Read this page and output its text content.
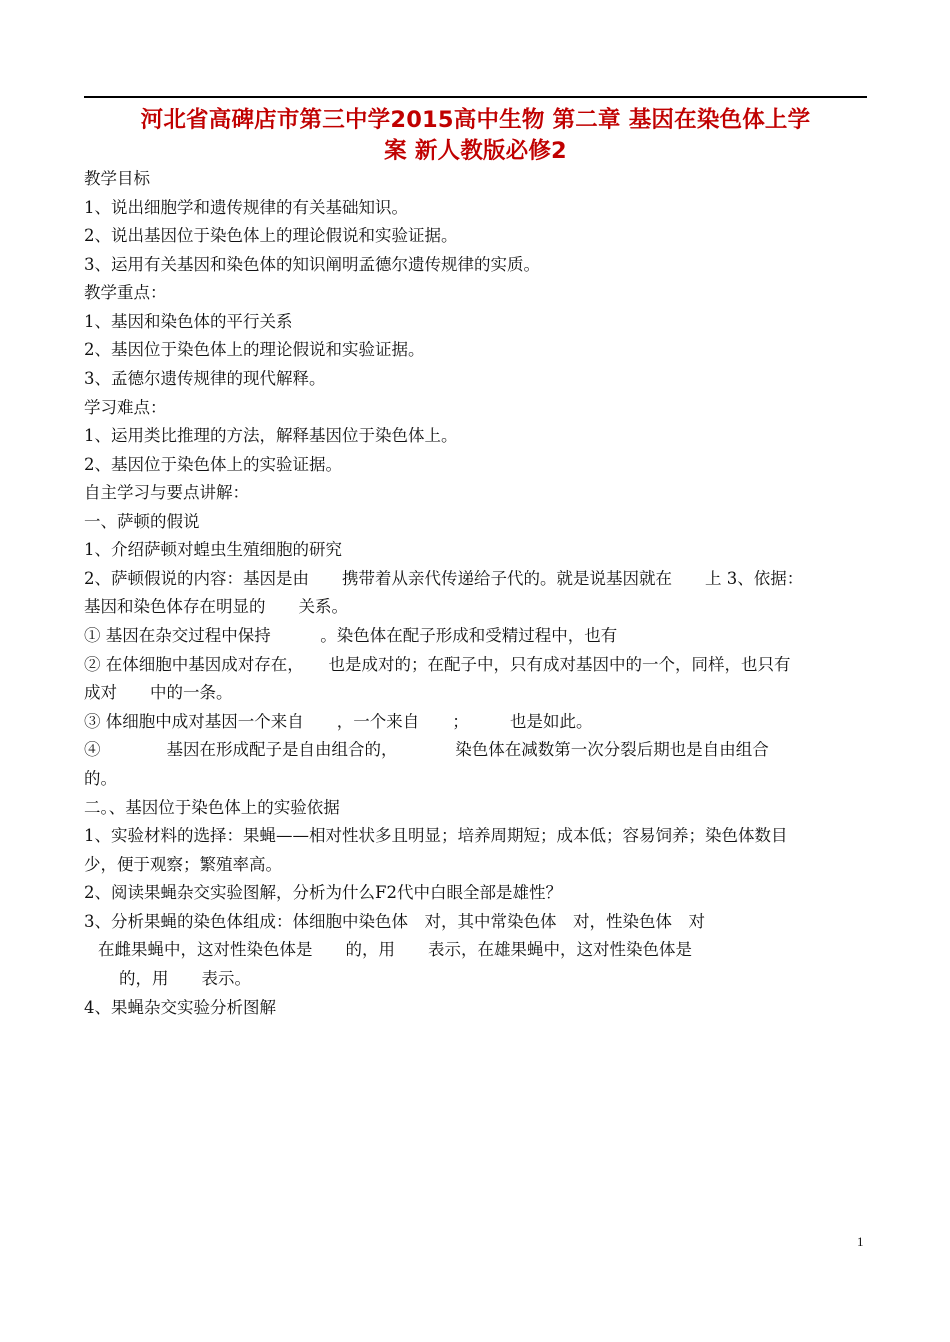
河北省高碑店市第三中学2015高中生物 第二章 基因在染色体上学
案 新人教版必修2
教学目标
1、说出细胞学和遗传规律的有关基础知识。
2、说出基因位于染色体上的理论假说和实验证据。
3、运用有关基因和染色体的知识阐明孟德尔遗传规律的实质。
教学重点：
1、基因和染色体的平行关系
2、基因位于染色体上的理论假说和实验证据。
3、孟德尔遗传规律的现代解释。
学习难点：
1、运用类比推理的方法，解释基因位于染色体上。
2、基因位于染色体上的实验证据。
自主学习与要点讲解：
一、萨顿的假说
1、介绍萨顿对蝗虫生殖细胞的研究
2、萨顿假说的内容：基因是由　　携带着从亲代传递给子代的。就是说基因就在　　上 3、依据：
基因和染色体存在明显的　　关系。
① 基因在杂交过程中保持　　　。染色体在配子形成和受精过程中，也有
② 在体细胞中基因成对存在，　　也是成对的；在配子中，只有成对基因中的一个，同样，也只有
成对　　中的一条。
③ 体细胞中成对基因一个来自　　，一个来自　　；　　　也是如此。
④　　　　基因在形成配子是自由组合的，　　　　染色体在减数第一次分裂后期也是自由组合
的。
二。、基因位于染色体上的实验依据
1、实验材料的选择：果蝇——相对性状多且明显；培养周期短；成本低；容易饲养；染色体数目
少，便于观察；繁殖率高。
2、阅读果蝇杂交实验图解，分析为什么F2代中白眼全部是雄性？
3、分析果蝇的染色体组成：体细胞中染色体　对，其中常染色体　对，性染色体　对
在雌果蝇中，这对性染色体是　　的，用　　表示，在雄果蝇中，这对性染色体是
的，用　　表示。
4、果蝇杂交实验分析图解
1
